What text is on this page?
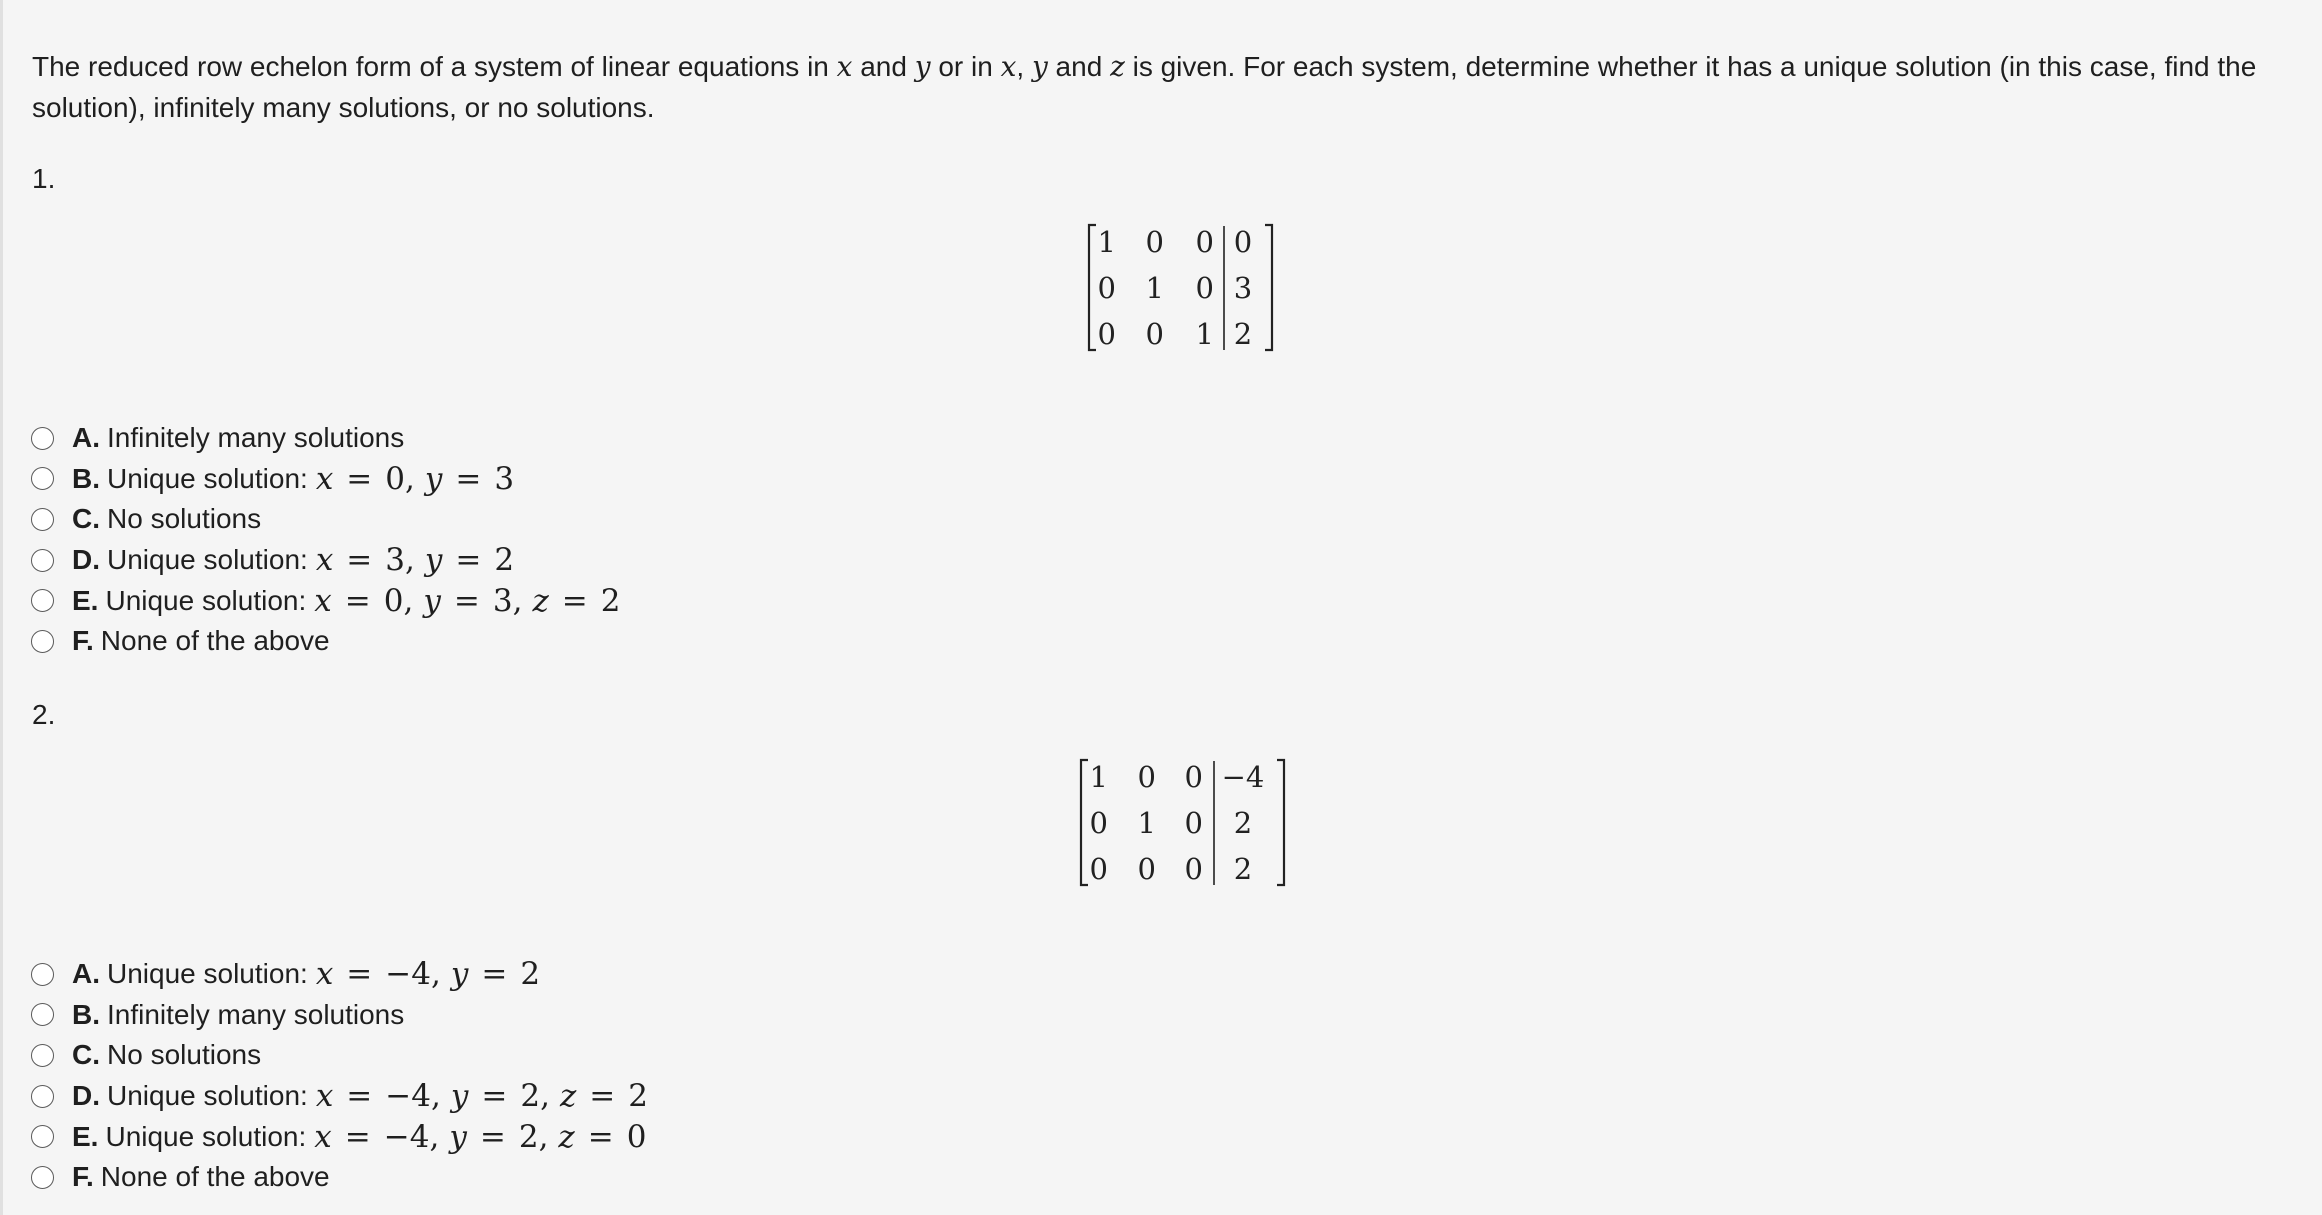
The reduced row echelon form of a system of linear equations in x and y or in x, y and z is given. For each system, determine whether it has a unique solution (in this case, find the solution), infinitely many solutions, or no solutions.
1.
1 0 0 0
0 1 0 3
0 0 1 2
A. Infinitely many solutions
B. Unique solution: x = 0, y = 3
C. No solutions
D. Unique solution: x = 3, y = 2
E. Unique solution: x = 0, y = 3, z = 2
F. None of the above
2.
1 0 0 −4
0 1 0 2
0 0 0 2
A. Unique solution: x = −4, y = 2
B. Infinitely many solutions
C. No solutions
D. Unique solution: x = −4, y = 2, z = 2
E. Unique solution: x = −4, y = 2, z = 0
F. None of the above
